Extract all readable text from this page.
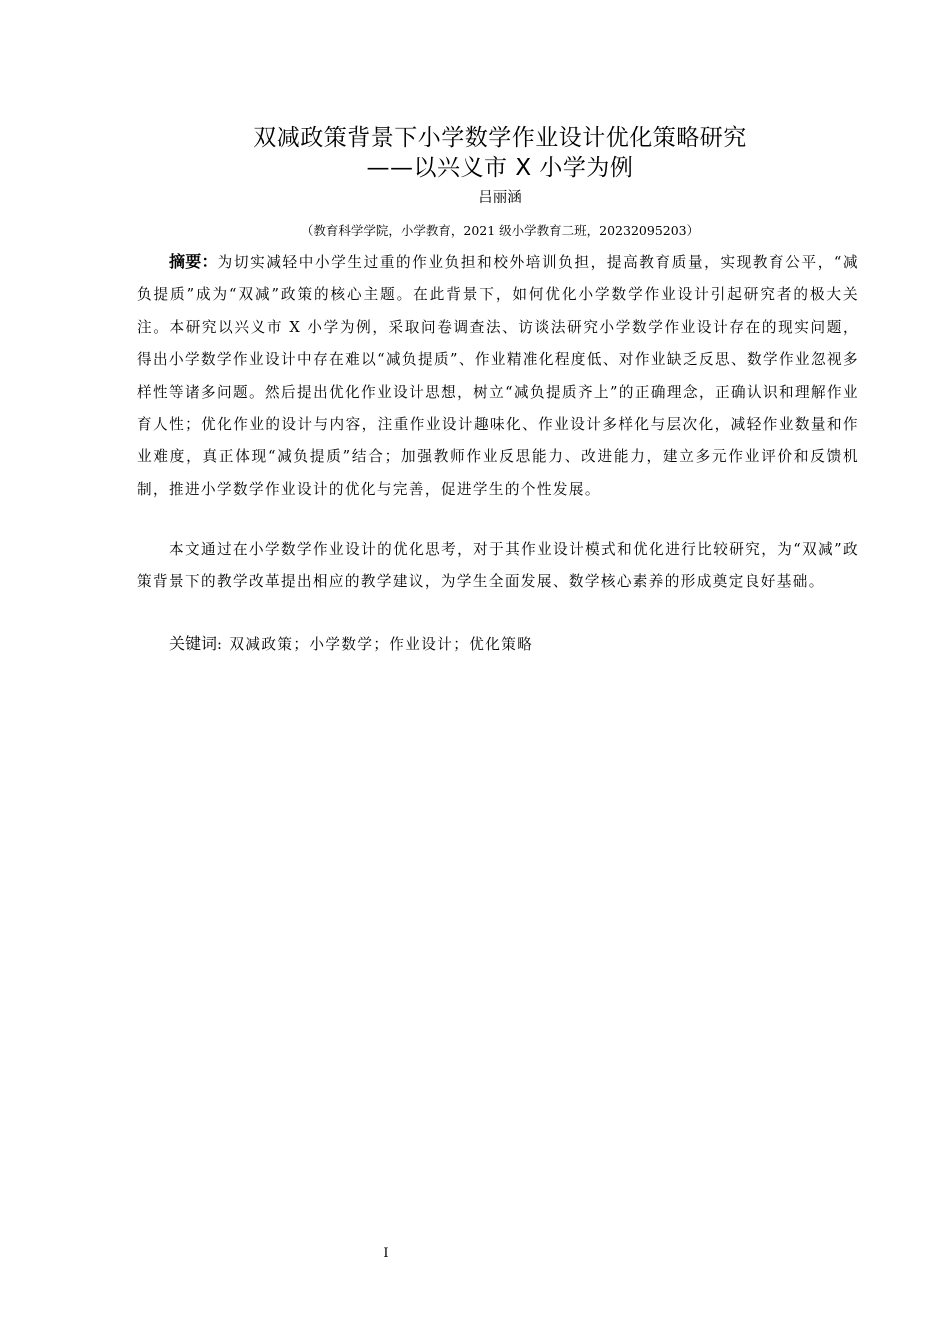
双减政策背景下小学数学作业设计优化策略研究
——以兴义市 X 小学为例
吕丽涵
（教育科学学院，小学教育，2021 级小学教育二班，20232095203）
摘要：为切实减轻中小学生过重的作业负担和校外培训负担，提高教育质量，实现教育公平，“减负提质”成为“双减”政策的核心主题。在此背景下，如何优化小学数学作业设计引起研究者的极大关注。本研究以兴义市 X 小学为例，采取问卷调查法、访谈法研究小学数学作业设计存在的现实问题，得出小学数学作业设计中存在难以“减负提质”、作业精准化程度低、对作业缺乏反思、数学作业忽视多样性等诸多问题。然后提出优化作业设计思想，树立“减负提质齐上”的正确理念，正确认识和理解作业育人性；优化作业的设计与内容，注重作业设计趣味化、作业设计多样化与层次化，减轻作业数量和作业难度，真正体现“减负提质”结合；加强教师作业反思能力、改进能力，建立多元作业评价和反馈机制，推进小学数学作业设计的优化与完善，促进学生的个性发展。
本文通过在小学数学作业设计的优化思考，对于其作业设计模式和优化进行比较研究，为“双减”政策背景下的教学改革提出相应的教学建议，为学生全面发展、数学核心素养的形成奠定良好基础。
关键词: 双减政策；小学数学；作业设计；优化策略
I
